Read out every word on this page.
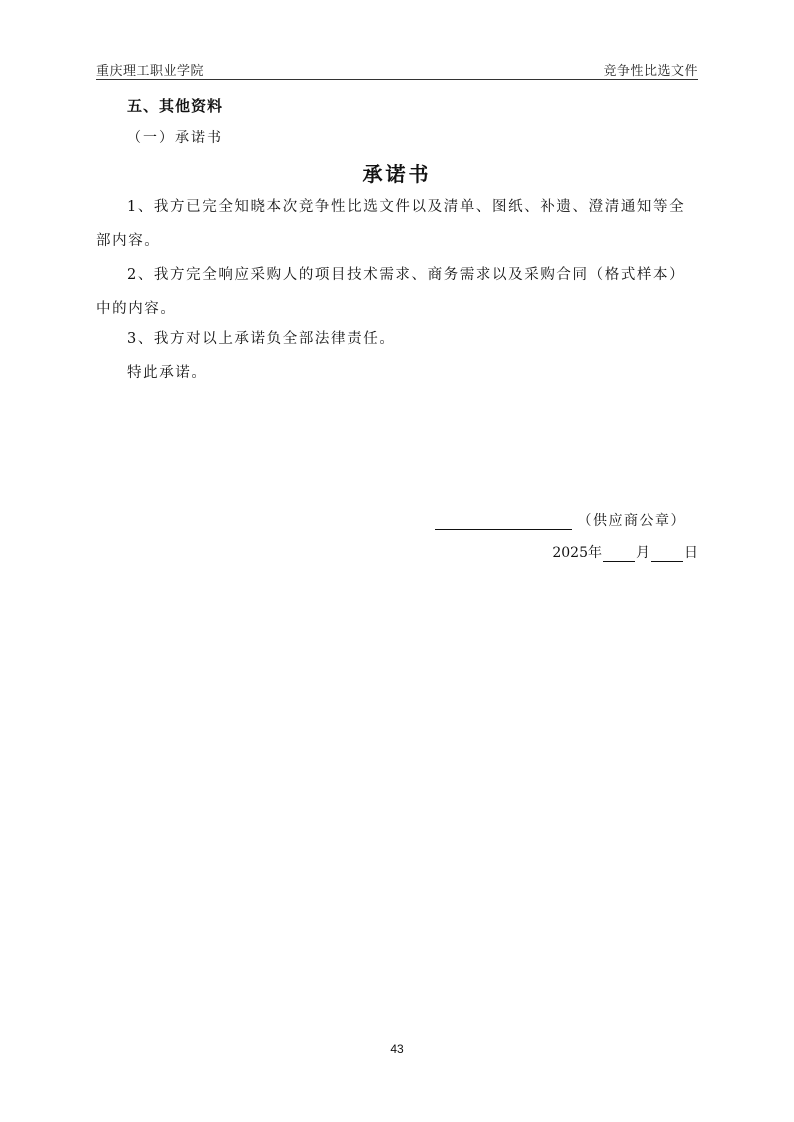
重庆理工职业学院	竞争性比选文件
五、其他资料
（一）承诺书
承诺书
1、我方已完全知晓本次竞争性比选文件以及清单、图纸、补遗、澄清通知等全部内容。
2、我方完全响应采购人的项目技术需求、商务需求以及采购合同（格式样本）中的内容。
3、我方对以上承诺负全部法律责任。
特此承诺。
（供应商公章）
2025年 月 日
43
